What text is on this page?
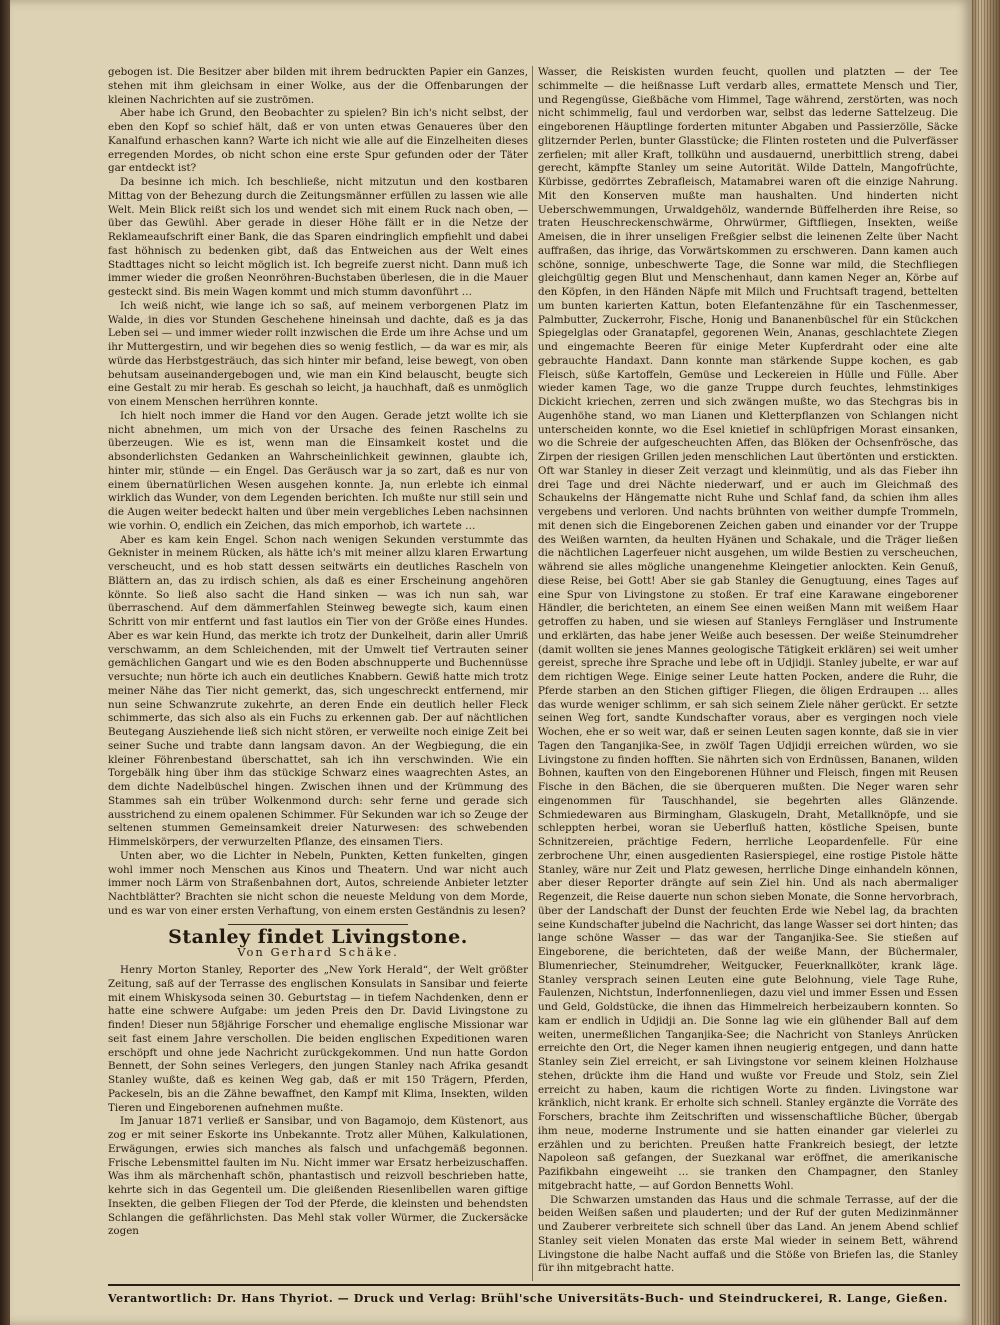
gebogen ist. Die Besitzer aber bilden mit ihrem bedruckten Papier ein Ganzes, stehen mit ihm gleichsam in einer Wolke, aus der die Offenbarungen der kleinen Nachrichten auf sie zuströmen.

Aber habe ich Grund, den Beobachter zu spielen? Bin ich's nicht selbst, der eben den Kopf so schief hält, daß er von unten etwas Genaueres über den Kanalfund erhaschen kann? Warte ich nicht wie alle auf die Einzelheiten dieses erregenden Mordes, ob nicht schon eine erste Spur gefunden oder der Täter gar entdeckt ist?

Da besinne ich mich. Ich beschließe, nicht mitzutun und den kostbaren Mittag von der Behezung durch die Zeitungsmänner erfüllen zu lassen wie alle Welt. Mein Blick reißt sich los und wendet sich mit einem Ruck nach oben, — über das Gewühl. Aber gerade in dieser Höhe fällt er in die Netze der Reklameaufschrift einer Bank, die das Sparen eindringlich empfiehlt und dabei fast höhnisch zu bedenken gibt, daß das Entweichen aus der Welt eines Stadttages nicht so leicht möglich ist. Ich begreife zuerst nicht. Dann muß ich immer wieder die großen Neonröhren-Buchstaben überlesen, die in die Mauer gesteckt sind. Bis mein Wagen kommt und mich stumm davonführt …

Ich weiß nicht, wie lange ich so saß, auf meinem verborgenen Platz im Walde, in dies vor Stunden Geschehene hineinsah und dachte, daß es ja das Leben sei — und immer wieder rollt inzwischen die Erde um ihre Achse und um ihr Muttergestirn, und wir begehen dies so wenig festlich, — da war es mir, als würde das Herbstgesträuch, das sich hinter mir befand, leise bewegt, von oben behutsam auseinandergebogen und, wie man ein Kind belauscht, beugte sich eine Gestalt zu mir herab. Es geschah so leicht, ja hauchhaft, daß es unmöglich von einem Menschen herrühren konnte.

Ich hielt noch immer die Hand vor den Augen. Gerade jetzt wollte ich sie nicht abnehmen, um mich von der Ursache des feinen Raschelns zu überzeugen. Wie es ist, wenn man die Einsamkeit kostet und die absonderlichsten Gedanken an Wahrscheinlichkeit gewinnen, glaubte ich, hinter mir, stünde — ein Engel. Das Geräusch war ja so zart, daß es nur von einem übernatürlichen Wesen ausgehen konnte. Ja, nun erlebte ich einmal wirklich das Wunder, von dem Legenden berichten. Ich mußte nur still sein und die Augen weiter bedeckt halten und über mein vergebliches Leben nachsinnen wie vorhin. O, endlich ein Zeichen, das mich emporhob, ich wartete …

Aber es kam kein Engel. Schon nach wenigen Sekunden verstummte das Geknister in meinem Rücken, als hätte ich's mit meiner allzu klaren Erwartung verscheucht, und es hob statt dessen seitwärts ein deutliches Rascheln von Blättern an, das zu irdisch schien, als daß es einer Erscheinung angehören könnte. So ließ also sacht die Hand sinken — was ich nun sah, war überraschend. Auf dem dämmerfahlen Steinweg bewegte sich, kaum einen Schritt von mir entfernt und fast lautlos ein Tier von der Größe eines Hundes. Aber es war kein Hund, das merkte ich trotz der Dunkelheit, darin aller Umriß verschwamm, an dem Schleichenden, mit der Umwelt tief Vertrauten seiner gemächlichen Gangart und wie es den Boden abschnupperte und Buchennüsse versuchte; nun hörte ich auch ein deutliches Knabbern. Gewiß hatte mich trotz meiner Nähe das Tier nicht gemerkt, das, sich ungeschreckt entfernend, mir nun seine Schwanzrute zukehrte, an deren Ende ein deutlich heller Fleck schimmerte, das sich also als ein Fuchs zu erkennen gab. Der auf nächtlichen Beutegang Ausziehende ließ sich nicht stören, er verweilte noch einige Zeit bei seiner Suche und trabte dann langsam davon. An der Wegbiegung, die ein kleiner Föhrenbestand überschattet, sah ich ihn verschwinden. Wie ein Torgebälk hing über ihm das stückige Schwarz eines waagrechten Astes, an dem dichte Nadelbüschel hingen. Zwischen ihnen und der Krümmung des Stammes sah ein trüber Wolkenmond durch: sehr ferne und gerade sich ausstrichend zu einem opalenen Schimmer. Für Sekunden war ich so Zeuge der seltenen stummen Gemeinsamkeit dreier Naturwesen: des schwebenden Himmelskörpers, der verwurzelten Pflanze, des einsamen Tiers.

Unten aber, wo die Lichter in Nebeln, Punkten, Ketten funkelten, gingen wohl immer noch Menschen aus Kinos und Theatern. Und war nicht auch immer noch Lärm von Straßenbahnen dort, Autos, schreiende Anbieter letzter Nachtblätter? Brachten sie nicht schon die neueste Meldung von dem Morde, und es war von einer ersten Verhaftung, von einem ersten Geständnis zu lesen?

Stanley findet Livingstone.
Von Gerhard Schäke.

Henry Morton Stanley, Reporter des „New York Herald“, der Welt größter Zeitung, saß auf der Terrasse des englischen Konsulats in Sansibar und feierte mit einem Whiskysoda seinen 30. Geburtstag — in tiefem Nachdenken, denn er hatte eine schwere Aufgabe: um jeden Preis den Dr. David Livingstone zu finden! Dieser nun 58jährige Forscher und ehemalige englische Missionar war seit fast einem Jahre verschollen. Die beiden englischen Expeditionen waren erschöpft und ohne jede Nachricht zurückgekommen. Und nun hatte Gordon Bennett, der Sohn seines Verlegers, den jungen Stanley nach Afrika gesandt Stanley wußte, daß es keinen Weg gab, daß er mit 150 Trägern, Pferden, Packeseln, bis an die Zähne bewaffnet, den Kampf mit Klima, Insekten, wilden Tieren und Eingeborenen aufnehmen mußte.

Im Januar 1871 verließ er Sansibar, und von Bagamojo, dem Küstenort, aus zog er mit seiner Eskorte ins Unbekannte. Trotz aller Mühen, Kalkulationen, Erwägungen, erwies sich manches als falsch und unfachgemäß begonnen. Frische Lebensmittel faulten im Nu. Nicht immer war Ersatz herbeizuschaffen. Was ihm als märchenhaft schön, phantastisch und reizvoll beschrieben hatte, kehrte sich in das Gegenteil um. Die gleißenden Riesenlibellen waren giftige Insekten, die gelben Fliegen der Tod der Pferde, die kleinsten und behendsten Schlangen die gefährlichsten. Das Mehl stak voller Würmer, die Zuckersäcke zogen

Wasser, die Reiskisten wurden feucht, quollen und platzten — der Tee schimmelte — die heißnasse Luft verdarb alles, ermattete Mensch und Tier, und Regengüsse, Gießbäche vom Himmel, Tage während, zerstörten, was noch nicht schimmelig, faul und verdorben war, selbst das lederne Sattelzeug. Die eingeborenen Häuptlinge forderten mitunter Abgaben und Passierzölle, Säcke glitzernder Perlen, bunter Glasstücke; die Flinten rosteten und die Pulverfässer zerfielen; mit aller Kraft, tollkühn und ausdauernd, unerbittlich streng, dabei gerecht, kämpfte Stanley um seine Autorität. Wilde Datteln, Mangofrüchte, Kürbisse, gedörrtes Zebrafleisch, Matamabrei waren oft die einzige Nahrung. Mit den Konserven mußte man haushalten. Und hinderten nicht Ueberschwemmungen, Urwaldgehölz, wandernde Büffelherden ihre Reise, so traten Heuschreckenschwärme, Ohrwürmer, Giftfliegen, Insekten, weiße Ameisen, die in ihrer unseligen Freßgier selbst die leinenen Zelte über Nacht auffraßen, das ihrige, das Vorwärtskommen zu erschweren. Dann kamen auch schöne, sonnige, unbeschwerte Tage, die Sonne war mild, die Stechfliegen gleichgültig gegen Blut und Menschenhaut, dann kamen Neger an, Körbe auf den Köpfen, in den Händen Näpfe mit Milch und Fruchtsaft tragend, bettelten um bunten karierten Kattun, boten Elefantenzähne für ein Taschenmesser, Palmbutter, Zuckerrohr, Fische, Honig und Bananenbüschel für ein Stückchen Spiegelglas oder Granatapfel, gegorenen Wein, Ananas, geschlachtete Ziegen und eingemachte Beeren für einige Meter Kupferdraht oder eine alte gebrauchte Handaxt. Dann konnte man stärkende Suppe kochen, es gab Fleisch, süße Kartoffeln, Gemüse und Leckereien in Hülle und Fülle. Aber wieder kamen Tage, wo die ganze Truppe durch feuchtes, lehmstinkiges Dickicht kriechen, zerren und sich zwängen mußte, wo das Stechgras bis in Augenhöhe stand, wo man Lianen und Kletterpflanzen von Schlangen nicht unterscheiden konnte, wo die Esel knietief in schlüpfrigen Morast einsanken, wo die Schreie der aufgescheuchten Affen, das Blöken der Ochsenfrösche, das Zirpen der riesigen Grillen jeden menschlichen Laut übertönten und erstickten. Oft war Stanley in dieser Zeit verzagt und kleinmütig, und als das Fieber ihn drei Tage und drei Nächte niederwarf, und er auch im Gleichmaß des Schaukelns der Hängematte nicht Ruhe und Schlaf fand, da schien ihm alles vergebens und verloren. Und nachts brühnten von weither dumpfe Trommeln, mit denen sich die Eingeborenen Zeichen gaben und einander vor der Truppe des Weißen warnten, da heulten Hyänen und Schakale, und die Träger ließen die nächtlichen Lagerfeuer nicht ausgehen, um wilde Bestien zu verscheuchen, während sie alles mögliche unangenehme Kleingetier anlockten. Kein Genuß, diese Reise, bei Gott! Aber sie gab Stanley die Genugtuung, eines Tages auf eine Spur von Livingstone zu stoßen. Er traf eine Karawane eingeborener Händler, die berichteten, an einem See einen weißen Mann mit weißem Haar getroffen zu haben, und sie wiesen auf Stanleys Ferngläser und Instrumente und erklärten, das habe jener Weiße auch besessen. Der weiße Steinumdreher (damit wollten sie jenes Mannes geologische Tätigkeit erklären) sei weit umher gereist, spreche ihre Sprache und lebe oft in Udjidji. Stanley jubelte, er war auf dem richtigen Wege. Einige seiner Leute hatten Pocken, andere die Ruhr, die Pferde starben an den Stichen giftiger Fliegen, die öligen Erdraupen … alles das wurde weniger schlimm, er sah sich seinem Ziele näher gerückt. Er setzte seinen Weg fort, sandte Kundschafter voraus, aber es vergingen noch viele Wochen, ehe er so weit war, daß er seinen Leuten sagen konnte, daß sie in vier Tagen den Tanganjika-See, in zwölf Tagen Udjidji erreichen würden, wo sie Livingstone zu finden hofften. Sie nährten sich von Erdnüssen, Bananen, wilden Bohnen, kauften von den Eingeborenen Hühner und Fleisch, fingen mit Reusen Fische in den Bächen, die sie überqueren mußten. Die Neger waren sehr eingenommen für Tauschhandel, sie begehrten alles Glänzende. Schmiedewaren aus Birmingham, Glaskugeln, Draht, Metallknöpfe, und sie schleppten herbei, woran sie Ueberfluß hatten, köstliche Speisen, bunte Schnitzereien, prächtige Federn, herrliche Leopardenfelle. Für eine zerbrochene Uhr, einen ausgedienten Rasierspiegel, eine rostige Pistole hätte Stanley, wäre nur Zeit und Platz gewesen, herrliche Dinge einhandeln können, aber dieser Reporter drängte auf sein Ziel hin. Und als nach abermaliger Regenzeit, die Reise dauerte nun schon sieben Monate, die Sonne hervorbrach, über der Landschaft der Dunst der feuchten Erde wie Nebel lag, da brachten seine Kundschafter jubelnd die Nachricht, das lange Wasser sei dort hinten; das lange schöne Wasser — das war der Tanganjika-See. Sie stießen auf Eingeborene, die berichteten, daß der weiße Mann, der Büchermaler, Blumenriecher, Steinumdreher, Weitgucker, Feuerknallköter, krank läge. Stanley versprach seinen Leuten eine gute Belohnung, viele Tage Ruhe, Faulenzen, Nichtstun, Inderfonnenliegen, dazu viel und immer Essen und Essen und Geld, Goldstücke, die ihnen das Himmelreich herbeizaubern konnten. So kam er endlich in Udjidji an. Die Sonne lag wie ein glühender Ball auf dem weiten, unermeßlichen Tanganjika-See; die Nachricht von Stanleys Anrücken erreichte den Ort, die Neger kamen ihnen neugierig entgegen, und dann hatte Stanley sein Ziel erreicht, er sah Livingstone vor seinem kleinen Holzhause stehen, drückte ihm die Hand und wußte vor Freude und Stolz, sein Ziel erreicht zu haben, kaum die richtigen Worte zu finden. Livingstone war kränklich, nicht krank. Er erholte sich schnell. Stanley ergänzte die Vorräte des Forschers, brachte ihm Zeitschriften und wissenschaftliche Bücher, übergab ihm neue, moderne Instrumente und sie hatten einander gar vielerlei zu erzählen und zu berichten. Preußen hatte Frankreich besiegt, der letzte Napoleon saß gefangen, der Suezkanal war eröffnet, die amerikanische Pazifikbahn eingeweiht … sie tranken den Champagner, den Stanley mitgebracht hatte, — auf Gordon Bennetts Wohl.

Die Schwarzen umstanden das Haus und die schmale Terrasse, auf der die beiden Weißen saßen und plauderten; und der Ruf der guten Medizinmänner und Zauberer verbreitete sich schnell über das Land. An jenem Abend schlief Stanley seit vielen Monaten das erste Mal wieder in seinem Bett, während Livingstone die halbe Nacht auffaß und die Stöße von Briefen las, die Stanley für ihn mitgebracht hatte.

Verantwortlich: Dr. Hans Thyriot. — Druck und Verlag: Brühl'sche Universitäts-Buch- und Steindruckerei, R. Lange, Gießen.
